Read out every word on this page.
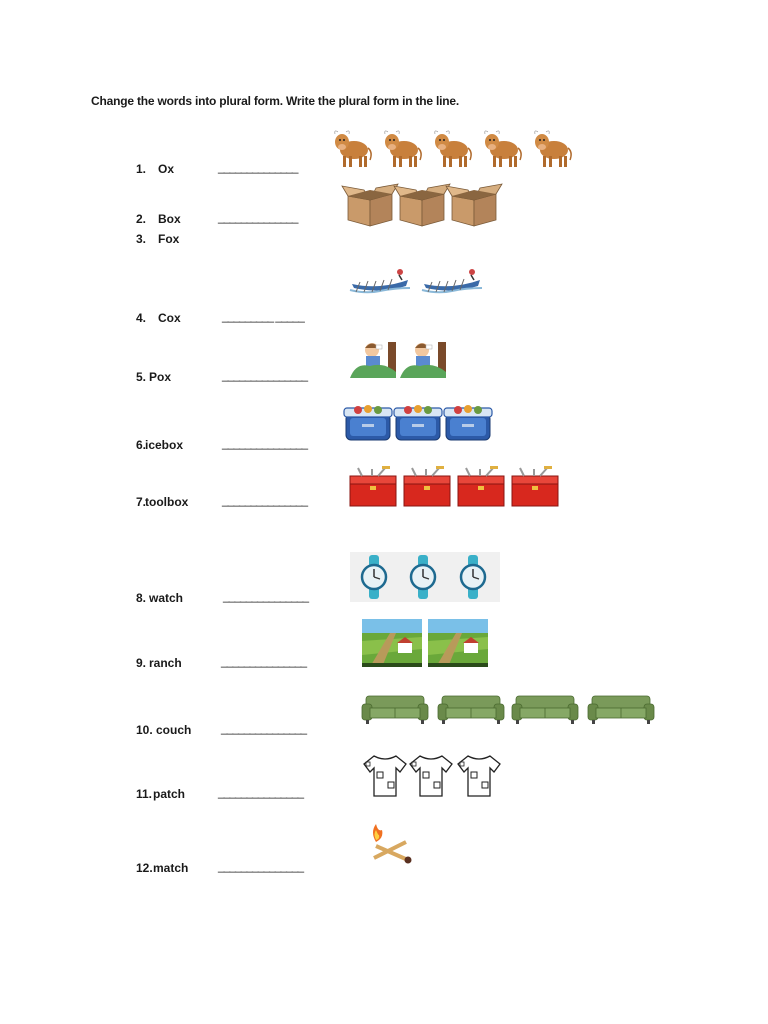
Change the words into plural form. Write the plural form in the line.
1. Ox	______________
2. Box	______________
3. Fox
4. Cox	_________ _____
5. Pox	_______________
6.
icebox	_______________
7.
toolbox	_______________
8. watch	_______________
9. ranch	_______________
10. couch _______________
11. patch	_______________
12. match _______________
